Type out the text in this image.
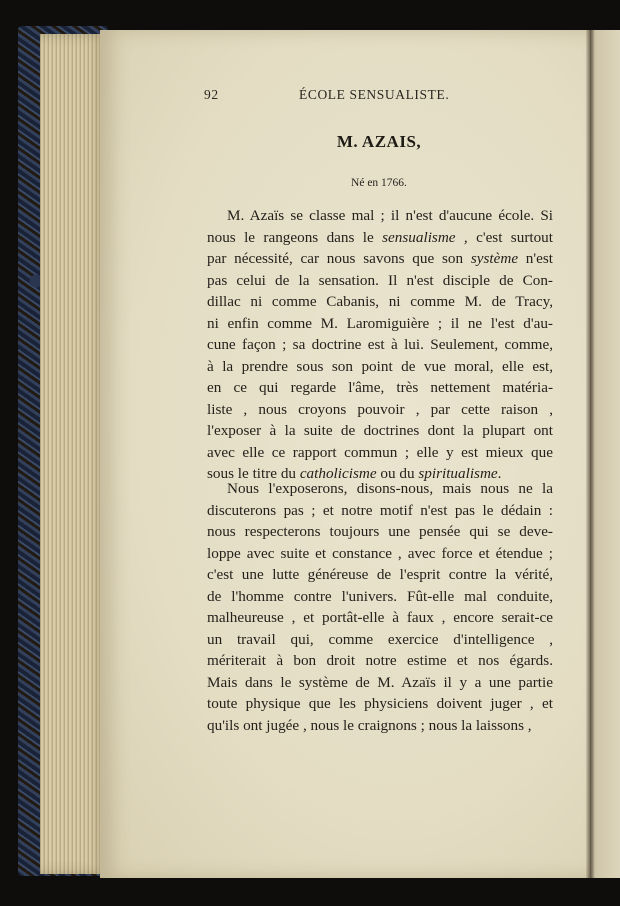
92	ÉCOLE SENSUALISTE.
M. AZAIS,
Né en 1766.
M. Azaïs se classe mal ; il n'est d'aucune école. Si
nous le rangeons dans le sensualisme , c'est surtout
par nécessité, car nous savons que son système n'est
pas celui de la sensation. Il n'est disciple de Con-
dillac ni comme Cabanis, ni comme M. de Tracy,
ni enfin comme M. Laromiguière ; il ne l'est d'au-
cune façon ; sa doctrine est à lui. Seulement, comme,
à la prendre sous son point de vue moral, elle est,
en ce qui regarde l'âme, très nettement matéria-
liste , nous croyons pouvoir , par cette raison ,
l'exposer à la suite de doctrines dont la plupart ont
avec elle ce rapport commun ; elle y est mieux que
sous le titre du catholicisme ou du spiritualisme.
Nous l'exposerons, disons-nous, mais nous ne la
discuterons pas ; et notre motif n'est pas le dédain :
nous respecterons toujours une pensée qui se deve-
loppe avec suite et constance , avec force et étendue ;
c'est une lutte généreuse de l'esprit contre la vérité,
de l'homme contre l'univers. Fût-elle mal conduite,
malheureuse , et portât-elle à faux , encore serait-ce
un travail qui, comme exercice d'intelligence ,
mériterait à bon droit notre estime et nos égards.
Mais dans le système de M. Azaïs il y a une partie
toute physique que les physiciens doivent juger , et
qu'ils ont jugée , nous le craignons ; nous la laissons ,
